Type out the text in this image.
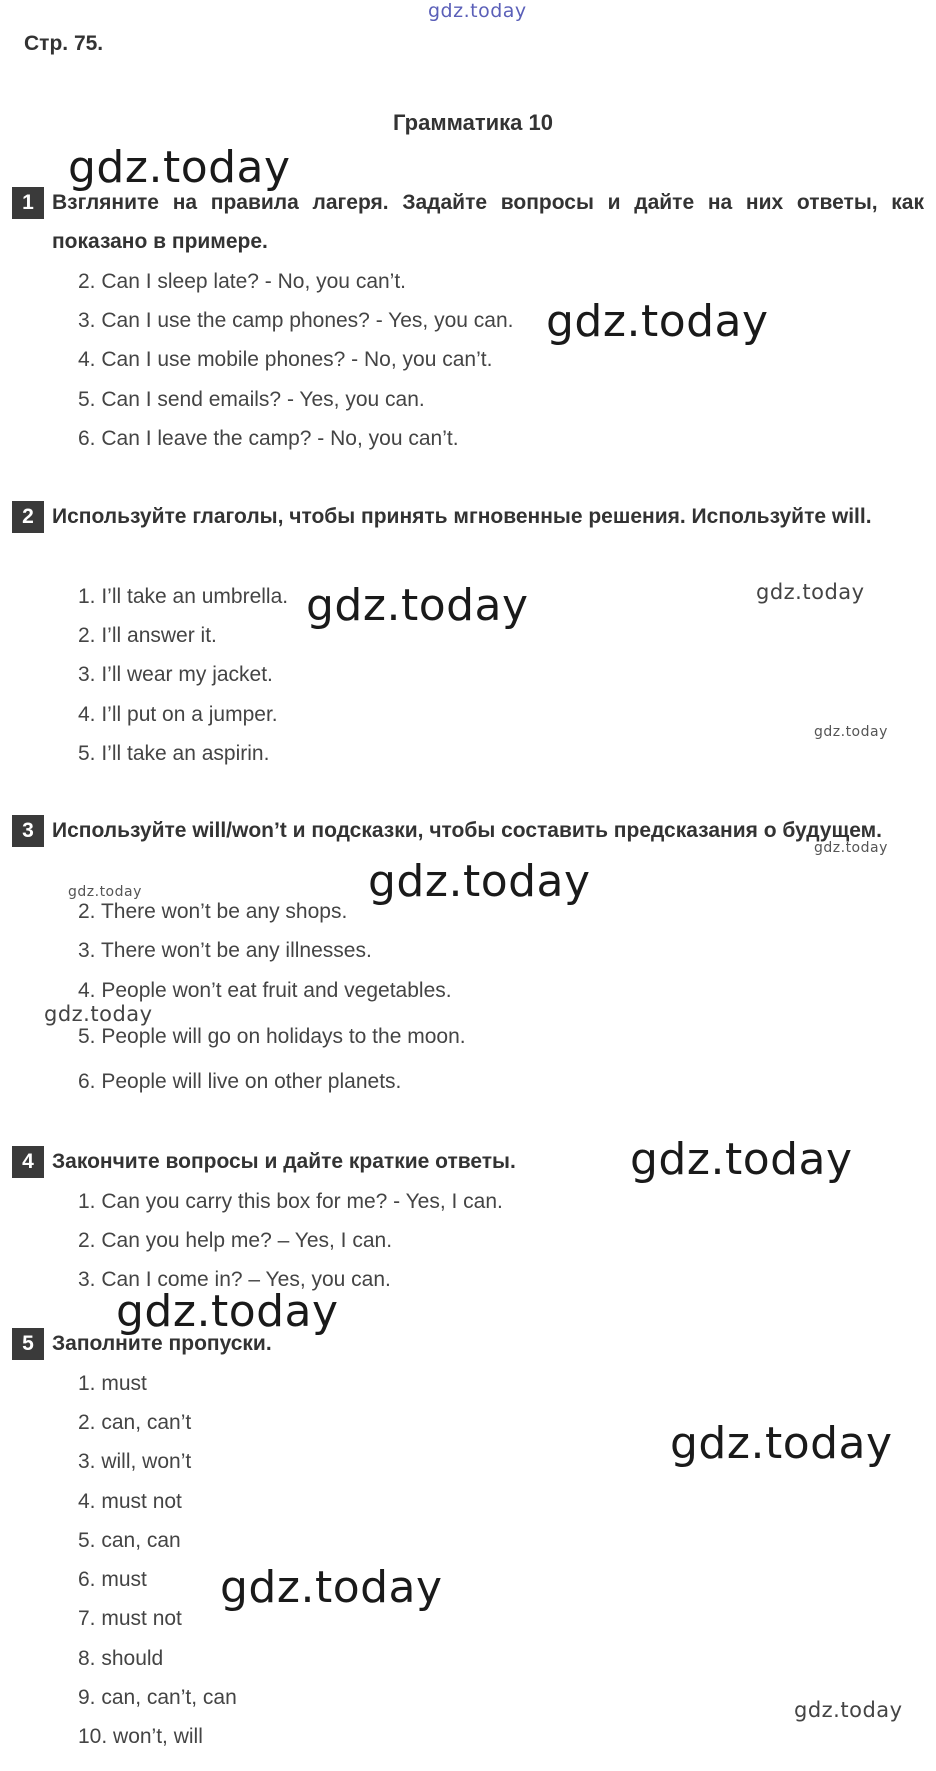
gdz.today
Стр. 75.
Грамматика 10
1 Взгляните на правила лагеря. Задайте вопросы и дайте на них ответы, как показано в примере.
2. Can I sleep late? - No, you can’t.
3. Can I use the camp phones? - Yes, you can.
4. Can I use mobile phones? - No, you can’t.
5. Can I send emails? - Yes, you can.
6. Can I leave the camp? - No, you can’t.
2 Используйте глаголы, чтобы принять мгновенные решения. Используйте will.
1. I’ll take an umbrella.
2. I’ll answer it.
3. I’ll wear my jacket.
4. I’ll put on a jumper.
5. I’ll take an aspirin.
3 Используйте will/won’t и подсказки, чтобы составить предсказания о будущем.
2. There won’t be any shops.
3. There won’t be any illnesses.
4. People won’t eat fruit and vegetables.
5. People will go on holidays to the moon.
6. People will live on other planets.
4 Закончите вопросы и дайте краткие ответы.
1. Can you carry this box for me? - Yes, I can.
2. Can you help me? – Yes, I can.
3. Can I come in? – Yes, you can.
5 Заполните пропуски.
1. must
2. can, can’t
3. will, won’t
4. must not
5. can, can
6. must
7. must not
8. should
9. can, can’t, can
10. won’t, will
gdz.today
gdz.today
gdz.today	gdz.today
gdz.today
gdz.today
gdz.today
gdz.today
gdz.today
gdz.today
gdz.today
gdz.today
gdz.today
gdz.today
